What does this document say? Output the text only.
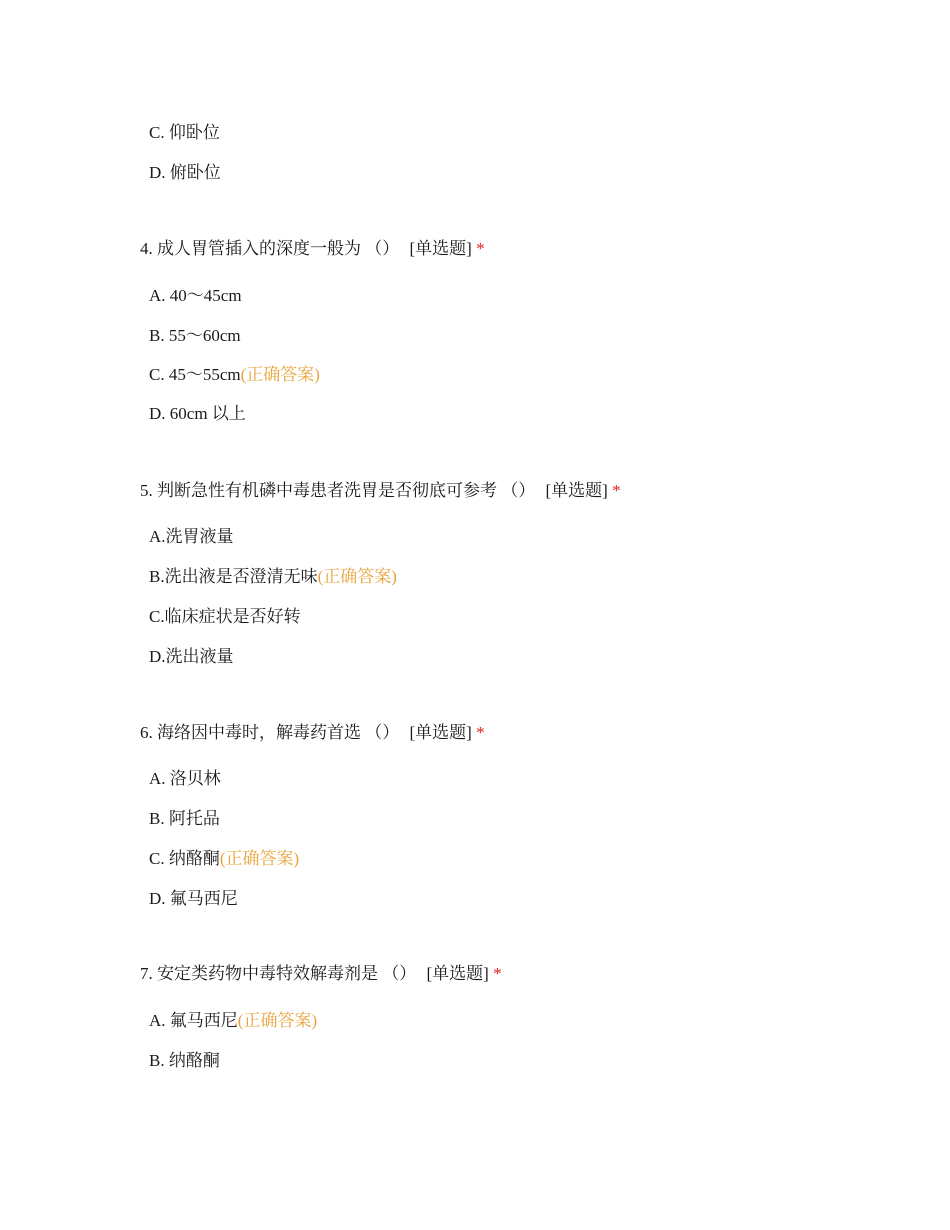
C. 仰卧位
D. 俯卧位
4. 成人胃管插入的深度一般为 （） [单选题] *
A. 40～45cm
B. 55～60cm
C. 45～55cm(正确答案)
D. 60cm 以上
5. 判断急性有机磷中毒患者洗胃是否彻底可参考 （） [单选题] *
A.洗胃液量
B.洗出液是否澄清无味(正确答案)
C.临床症状是否好转
D.洗出液量
6. 海络因中毒时，解毒药首选 （） [单选题] *
A. 洛贝林
B. 阿托品
C. 纳酪酮(正确答案)
D. 氟马西尼
7. 安定类药物中毒特效解毒剂是 （） [单选题] *
A. 氟马西尼(正确答案)
B. 纳酪酮
